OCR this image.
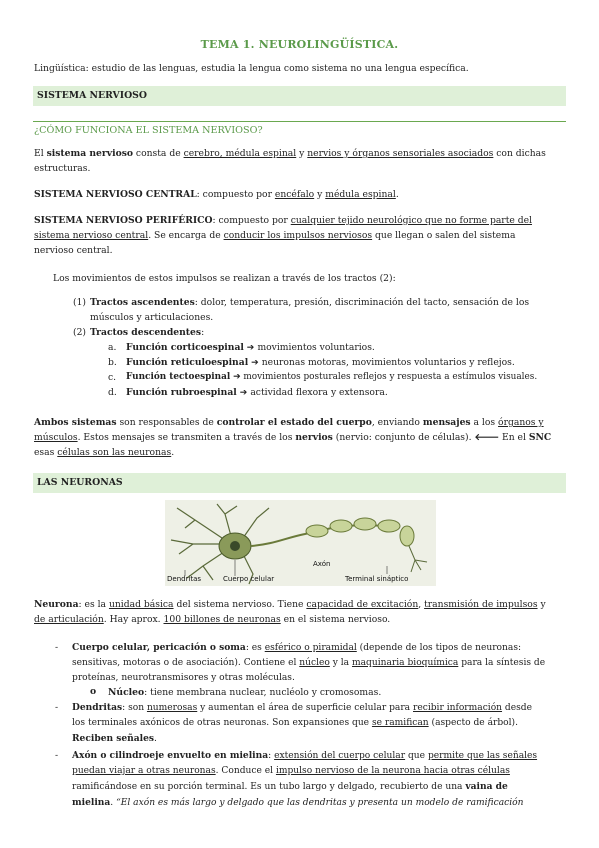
TEMA 1. NEUROLINGÜÍSTICA.
Lingüística: estudio de las lenguas, estudia la lengua como sistema no una lengua específica.
SISTEMA NERVIOSO
¿CÓMO FUNCIONA EL SISTEMA NERVIOSO?
El sistema nervioso consta de cerebro, médula espinal y nervios y órganos sensoriales asociados con dichas
estructuras.
SISTEMA NERVIOSO CENTRAL: compuesto por encéfalo y médula espinal.
SISTEMA NERVIOSO PERIFÉRICO: compuesto por cualquier tejido neurológico que no forme parte del
sistema nervioso central. Se encarga de conducir los impulsos nerviosos que llegan o salen del sistema
nervioso central.
Los movimientos de estos impulsos se realizan a través de los tractos (2):
(1) Tractos ascendentes: dolor, temperatura, presión, discriminación del tacto, sensación de los
músculos y articulaciones.
(2) Tractos descendentes:
a.	Función corticoespinal ➔ movimientos voluntarios.
b. Función reticuloespinal ➔ neuronas motoras, movimientos voluntarios y reflejos.
c.	Función tectoespinal ➔ movimientos posturales reflejos y respuesta a estímulos visuales.
d. Función rubroespinal ➔ actividad flexora y extensora.
Ambos sistemas son responsables de controlar el estado del cuerpo, enviando mensajes a los órganos y
músculos. Estos mensajes se transmiten a través de los nervios (nervio: conjunto de células). 🡐 En el SNC
esas células son las neuronas.
LAS NEURONAS
Dendritas	Cuerpo celular
Axón
Terminal sináptico
Neurona: es la unidad básica del sistema nervioso. Tiene capacidad de excitación, transmisión de impulsos y
de articulación. Hay aprox. 100 billones de neuronas en el sistema nervioso.
- Cuerpo celular, pericación o soma: es esférico o piramidal (depende de los tipos de neuronas:
sensitivas, motoras o de asociación). Contiene el núcleo y la maquinaria bioquímica para la síntesis de
proteínas, neurotransmisores y otras moléculas.
o Núcleo: tiene membrana nuclear, nucléolo y cromosomas.
- Dendritas: son numerosas y aumentan el área de superficie celular para recibir información desde
los terminales axónicos de otras neuronas. Son expansiones que se ramifican (aspecto de árbol).
Reciben señales.
- Axón o cilindroeje envuelto en mielina: extensión del cuerpo celular que permite que las señales
puedan viajar a otras neuronas. Conduce el impulso nervioso de la neurona hacia otras células
ramificándose en su porción terminal. Es un tubo largo y delgado, recubierto de una vaina de
mielina. “El axón es más largo y delgado que las dendritas y presenta un modelo de ramificación
